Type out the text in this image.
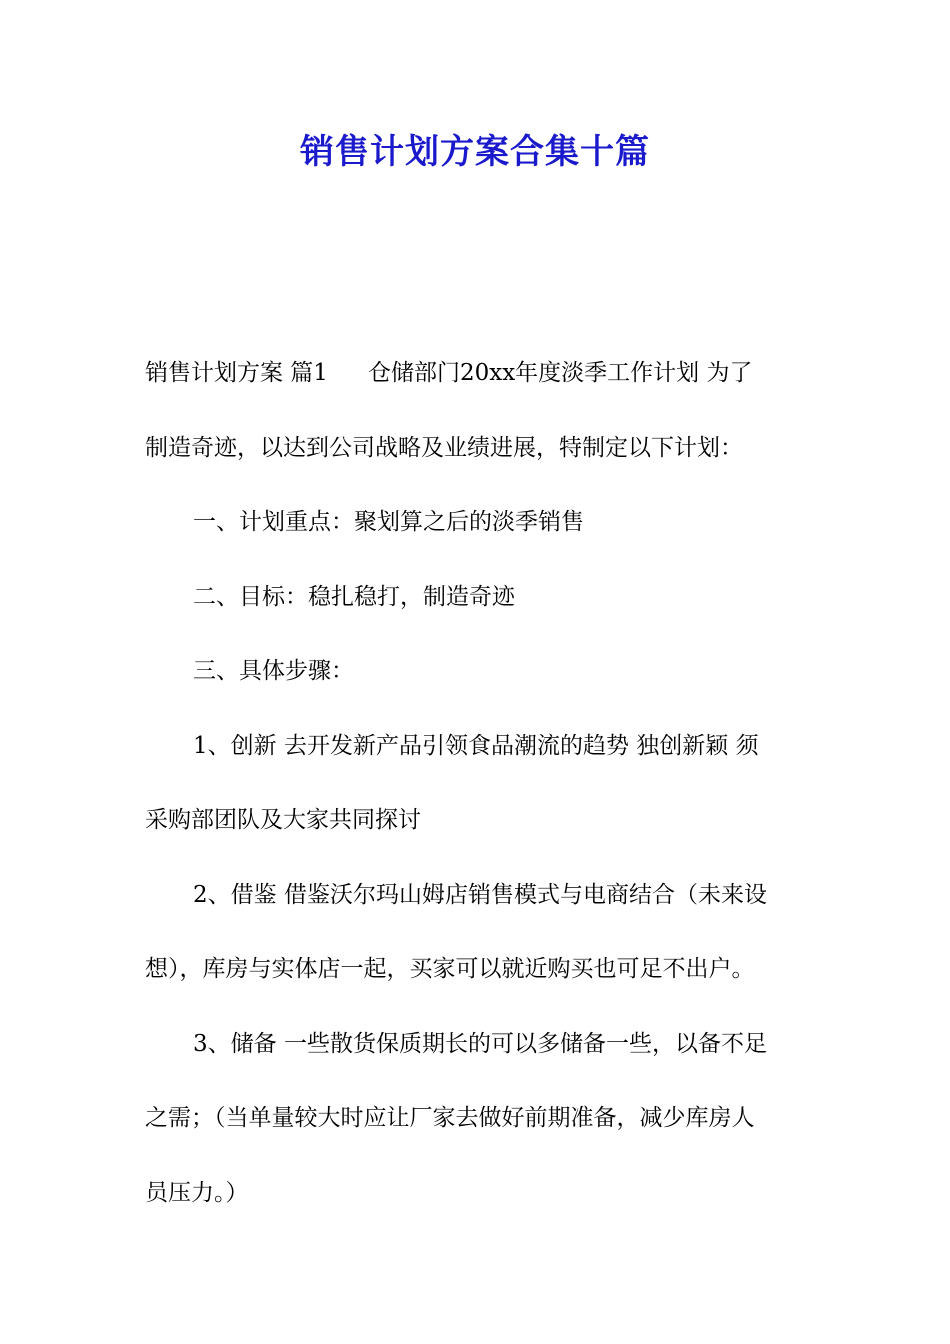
销售计划方案合集十篇

销售计划方案 篇1 仓储部门20xx年度淡季工作计划 为了

制造奇迹，以达到公司战略及业绩进展，特制定以下计划：

一、计划重点：聚划算之后的淡季销售

二、目标：稳扎稳打，制造奇迹

三、具体步骤：

1、创新 去开发新产品引领食品潮流的趋势 独创新颖 须

采购部团队及大家共同探讨

2、借鉴 借鉴沃尔玛山姆店销售模式与电商结合（未来设

想），库房与实体店一起，买家可以就近购买也可足不出户。

3、储备 一些散货保质期长的可以多储备一些，以备不足

之需；（当单量较大时应让厂家去做好前期准备，减少库房人

员压力。）
